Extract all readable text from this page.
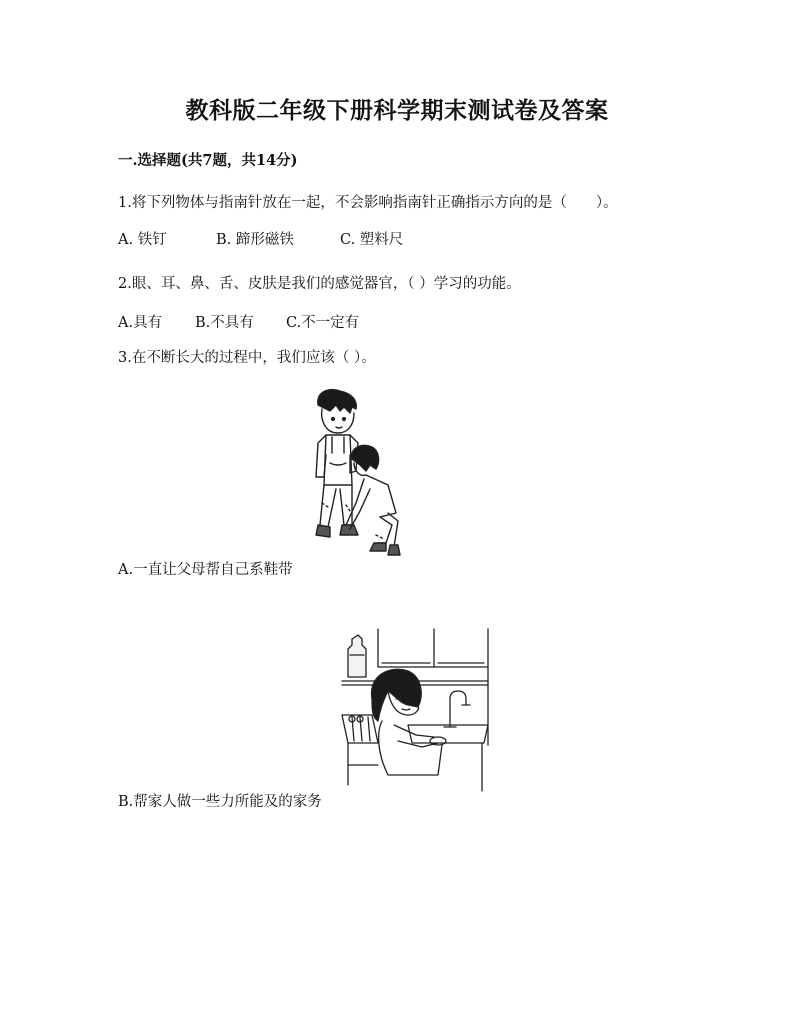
教科版二年级下册科学期末测试卷及答案
一.选择题(共7题，共14分)
1.将下列物体与指南针放在一起，不会影响指南针正确指示方向的是（　　）。
A. 铁钉	B. 蹄形磁铁	C. 塑料尺
2.眼、耳、鼻、舌、皮肤是我们的感觉器官，（ ）学习的功能。
A.具有 B.不具有 C.不一定有
3.在不断长大的过程中，我们应该（ ）。
A.一直让父母帮自己系鞋带
B.帮家人做一些力所能及的家务
